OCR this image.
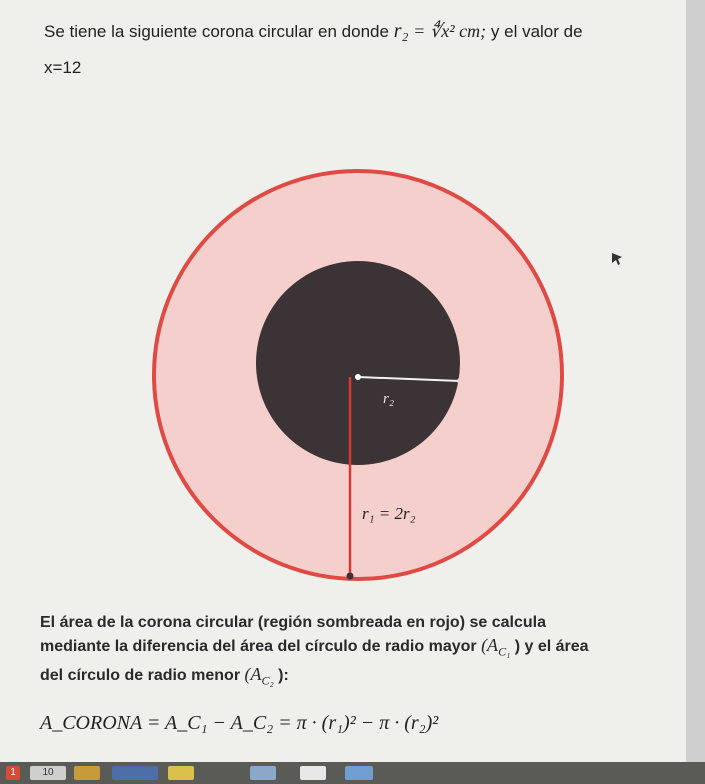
Se tiene la siguiente corona circular en donde r₂ = ∜x² cm; y el valor de
x=12
r₂
r₁ = 2r₂

El área de la corona circular (región sombreada en rojo) se calcula

mediante la diferencia del área del círculo de radio mayor ($A_{C_1}$ ) y el área

del círculo de radio menor ($A_{C_2}$ ):

A_CORONA = A_C₁ − A_C₂ = π · (r₁)² − π · (r₂)²
1	10
